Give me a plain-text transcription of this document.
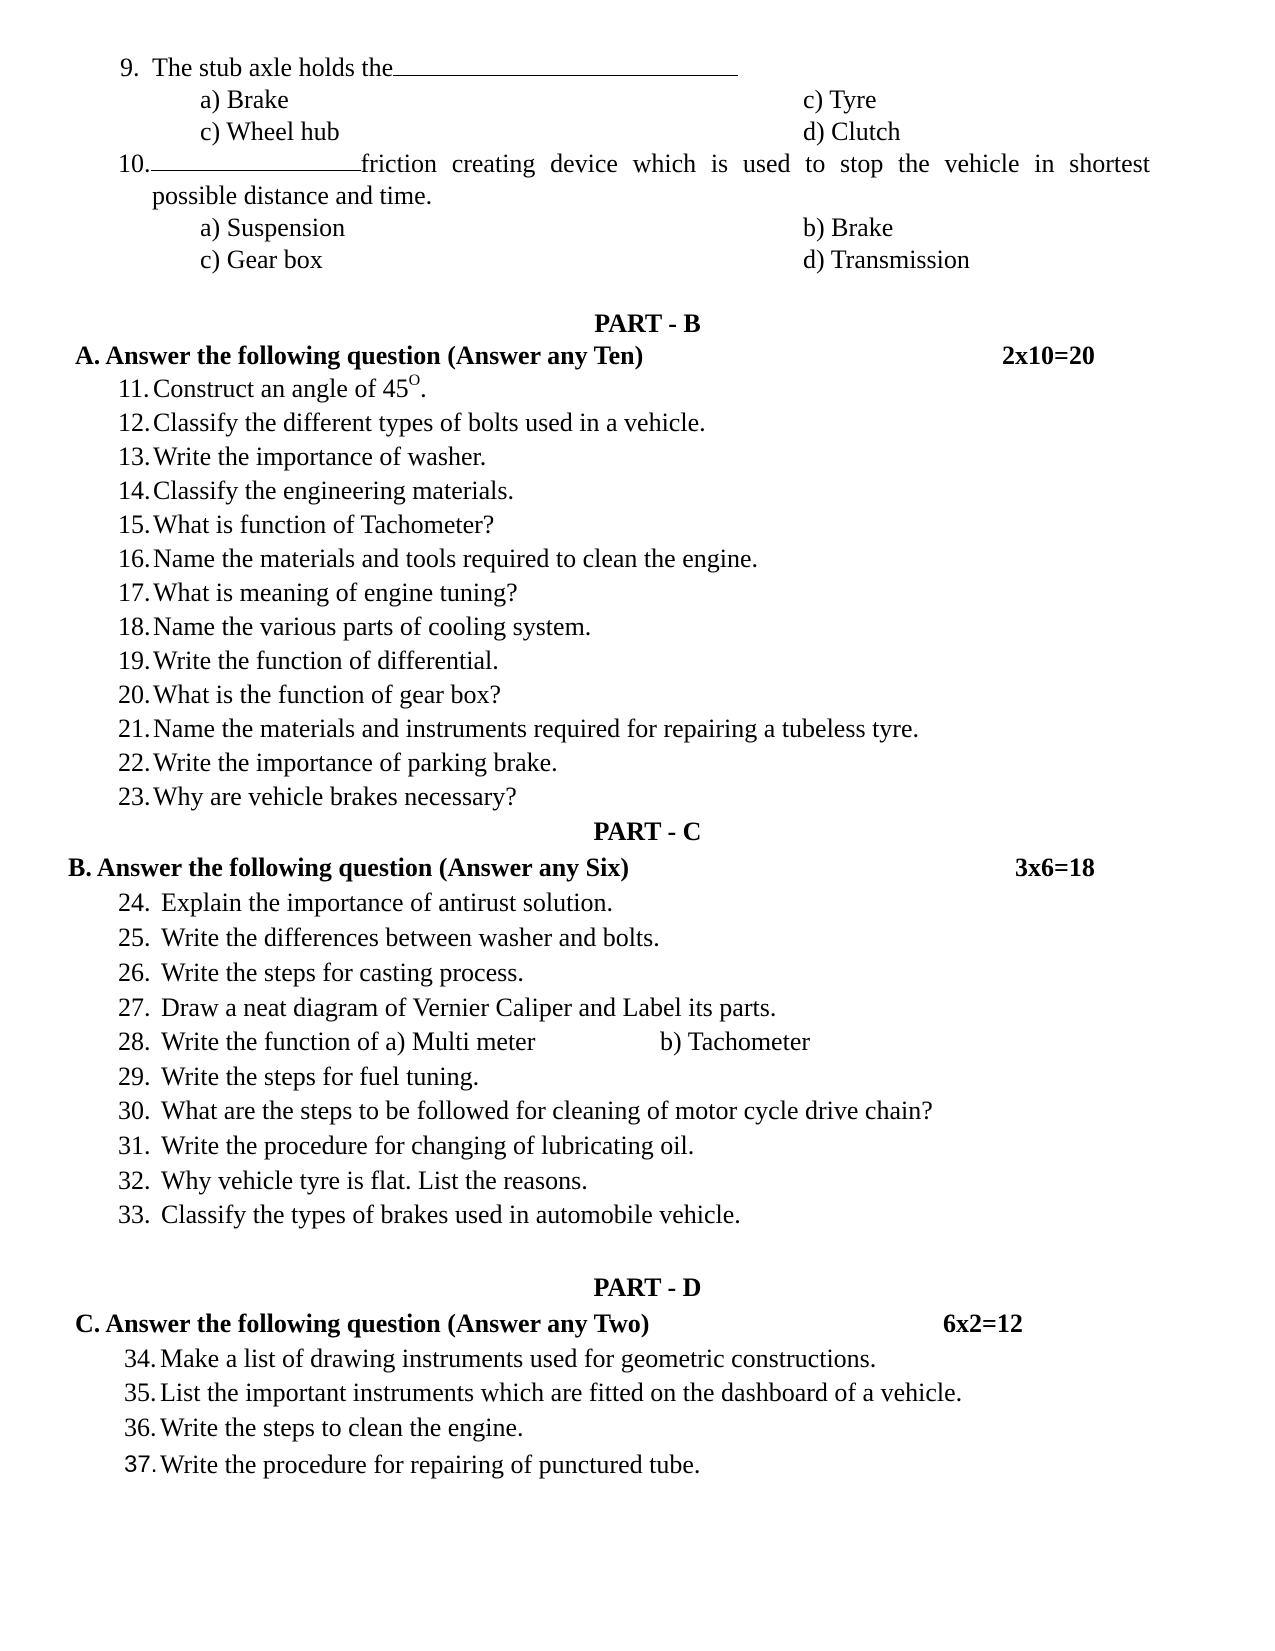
9. The stub axle holds the
a) Brake	c) Tyre
c) Wheel hub	d) Clutch
10.	friction creating device which is used to stop the vehicle in shortest
possible distance and time.
a) Suspension	b) Brake
c) Gear box	d) Transmission
PART - B
A. Answer the following question (Answer any Ten)	2x10=20
11. Construct an angle of $45^O$.
12. Classify the different types of bolts used in a vehicle.
13. Write the importance of washer.
14. Classify the engineering materials.
15. What is function of Tachometer?
16. Name the materials and tools required to clean the engine.
17. What is meaning of engine tuning?
18. Name the various parts of cooling system.
19. Write the function of differential.
20. What is the function of gear box?
21. Name the materials and instruments required for repairing a tubeless tyre.
22. Write the importance of parking brake.
23. Why are vehicle brakes necessary?
PART - C
B. Answer the following question (Answer any Six)	3x6=18
24. Explain the importance of antirust solution.
25. Write the differences between washer and bolts.
26. Write the steps for casting process.
27. Draw a neat diagram of Vernier Caliper and Label its parts.
28. Write the function of a) Multi meter	b) Tachometer
29. Write the steps for fuel tuning.
30. What are the steps to be followed for cleaning of motor cycle drive chain?
31. Write the procedure for changing of lubricating oil.
32. Why vehicle tyre is flat. List the reasons.
33. Classify the types of brakes used in automobile vehicle.
PART - D
C. Answer the following question (Answer any Two)	6x2=12
34. Make a list of drawing instruments used for geometric constructions.
35. List the important instruments which are fitted on the dashboard of a vehicle.
36. Write the steps to clean the engine.
37. Write the procedure for repairing of punctured tube.
